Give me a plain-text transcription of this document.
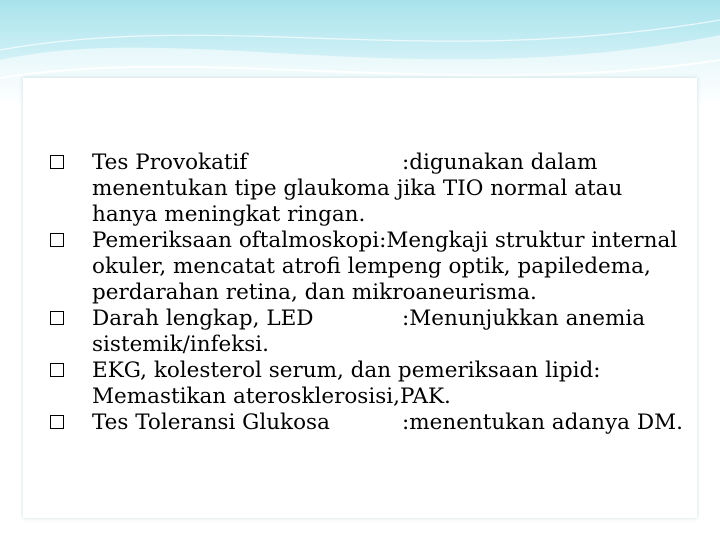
Tes Provokatif	:digunakan dalam menentukan tipe glaukoma jika TIO normal atau hanya meningkat ringan.
Pemeriksaan oftalmoskopi:Mengkaji struktur internal okuler, mencatat atrofi lempeng optik, papiledema, perdarahan retina, dan mikroaneurisma.
Darah lengkap, LED	:Menunjukkan anemia sistemik/infeksi.
EKG, kolesterol serum, dan pemeriksaan lipid: Memastikan aterosklerosisi,PAK.
Tes Toleransi Glukosa	:menentukan adanya DM.
